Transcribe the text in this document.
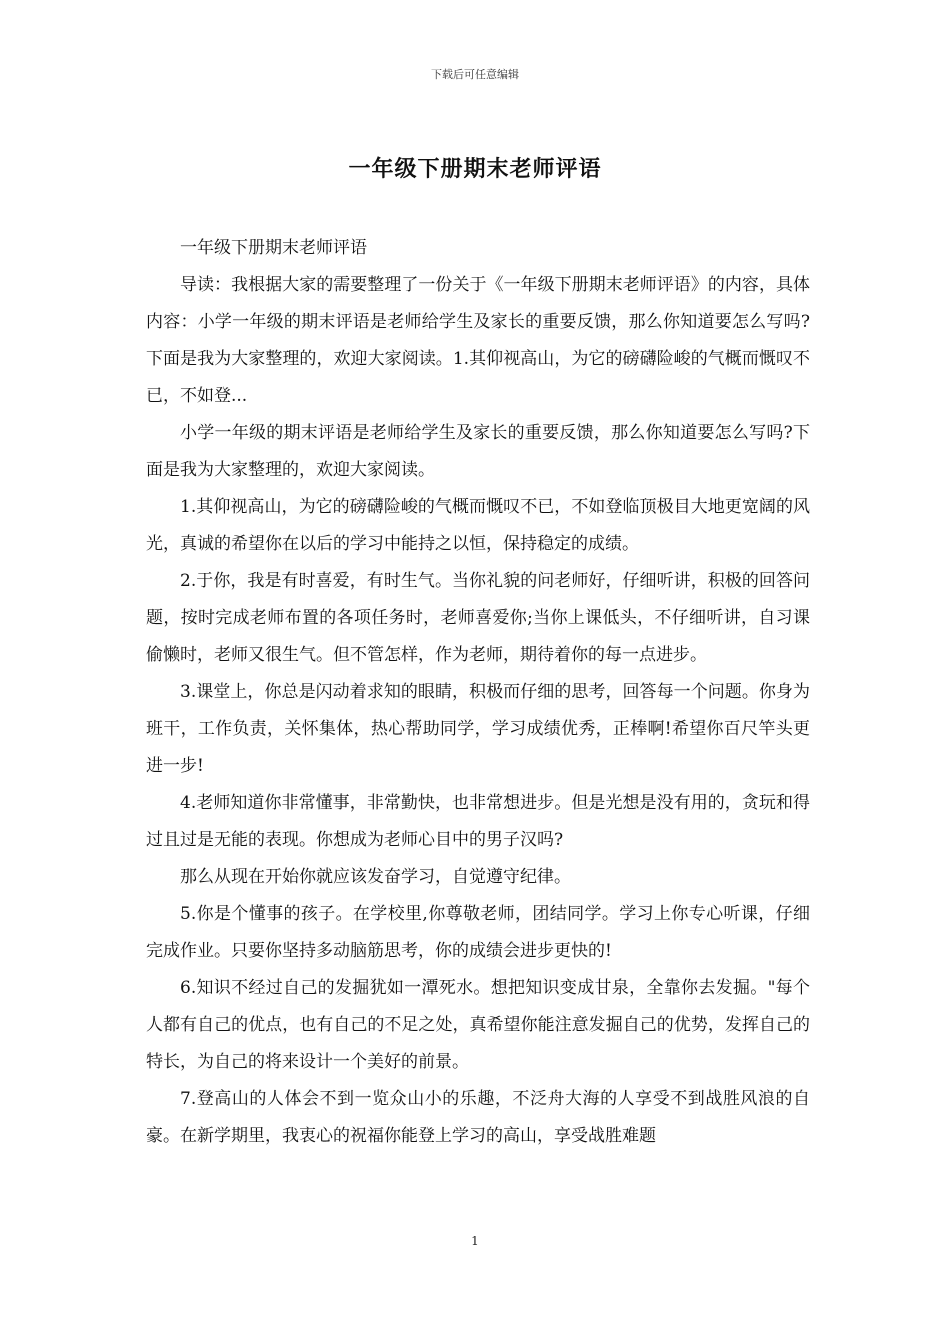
下载后可任意编辑
一年级下册期末老师评语

一年级下册期末老师评语

导读：我根据大家的需要整理了一份关于《一年级下册期末老师评语》的内容，具体内容：小学一年级的期末评语是老师给学生及家长的重要反馈，那么你知道要怎么写吗?下面是我为大家整理的，欢迎大家阅读。1.其仰视高山，为它的磅礴险峻的气概而慨叹不已，不如登...

小学一年级的期末评语是老师给学生及家长的重要反馈，那么你知道要怎么写吗?下面是我为大家整理的，欢迎大家阅读。

1.其仰视高山，为它的磅礴险峻的气概而慨叹不已，不如登临顶极目大地更宽阔的风光，真诚的希望你在以后的学习中能持之以恒，保持稳定的成绩。

2.于你，我是有时喜爱，有时生气。当你礼貌的问老师好，仔细听讲，积极的回答问题，按时完成老师布置的各项任务时，老师喜爱你;当你上课低头，不仔细听讲，自习课偷懒时，老师又很生气。但不管怎样，作为老师，期待着你的每一点进步。

3.课堂上，你总是闪动着求知的眼睛，积极而仔细的思考，回答每一个问题。你身为班干，工作负责，关怀集体，热心帮助同学，学习成绩优秀，正棒啊!希望你百尺竿头更进一步!

4.老师知道你非常懂事，非常勤快，也非常想进步。但是光想是没有用的，贪玩和得过且过是无能的表现。你想成为老师心目中的男子汉吗?

那么从现在开始你就应该发奋学习，自觉遵守纪律。

5.你是个懂事的孩子。在学校里,你尊敬老师，团结同学。学习上你专心听课，仔细完成作业。只要你坚持多动脑筋思考，你的成绩会进步更快的!

6.知识不经过自己的发掘犹如一潭死水。想把知识变成甘泉，全靠你去发掘。"每个人都有自己的优点，也有自己的不足之处，真希望你能注意发掘自己的优势，发挥自己的特长，为自己的将来设计一个美好的前景。

7.登高山的人体会不到一览众山小的乐趣，不泛舟大海的人享受不到战胜风浪的自豪。在新学期里，我衷心的祝福你能登上学习的高山，享受战胜难题

1
